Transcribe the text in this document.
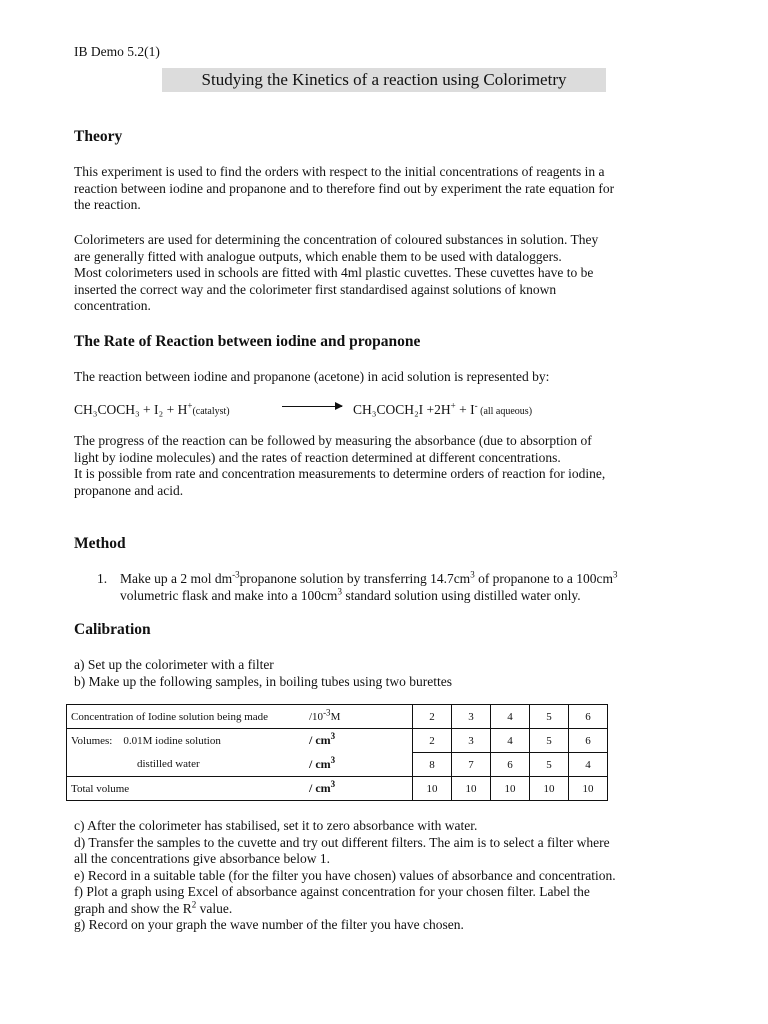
IB Demo 5.2(1)
Studying the Kinetics of a reaction using Colorimetry
Theory

This experiment is used to find the orders with respect to the initial concentrations of reagents in a

reaction between iodine and propanone and to therefore find out by experiment the rate equation for

the reaction.

Colorimeters are used for determining the concentration of coloured substances in solution. They

are generally fitted with analogue outputs, which enable them to be used with dataloggers.

Most colorimeters used in schools are fitted with 4ml plastic cuvettes. These cuvettes have to be

inserted the correct way and the colorimeter first standardised against solutions of known

concentration.

The Rate of Reaction between iodine and propanone
The reaction between iodine and propanone (acetone) in acid solution is represented by:
CH₃COCH₃ + I₂ + H+(catalyst)	CH₃COCH₂I +2H+ + I- (all aqueous)

The progress of the reaction can be followed by measuring the absorbance (due to absorption of

light by iodine molecules) and the rates of reaction determined at different concentrations.

It is possible from rate and concentration measurements to determine orders of reaction for iodine,

propanone and acid.

Method
1. Make up a 2 mol $dm^{-3}propanone$ solution by transferring $14.7cm^3$ of propanone to a $100cm^3$

volumetric flask and make into a $100cm^3$ standard solution using distilled water only.

Calibration

a) Set up the colorimeter with a filter

b) Make up the following samples, in boiling tubes using two burettes

Concentration of Iodine solution being made	$/10^{-3}M$	2	3	4	5	6
Volumes: 0.01M iodine solution	/ $cm^3$	2	3	4	5	6
distilled water	/ $cm^3$	8	7	6	5	4
Total volume	/ $cm^3$	10	10	10	10	10

c) After the colorimeter has stabilised, set it to zero absorbance with water.

d) Transfer the samples to the cuvette and try out different filters. The aim is to select a filter where

all the concentrations give absorbance below 1.

e) Record in a suitable table (for the filter you have chosen) values of absorbance and concentration.

f) Plot a graph using Excel of absorbance against concentration for your chosen filter. Label the

graph and show the $R^2$ value.

g) Record on your graph the wave number of the filter you have chosen.
